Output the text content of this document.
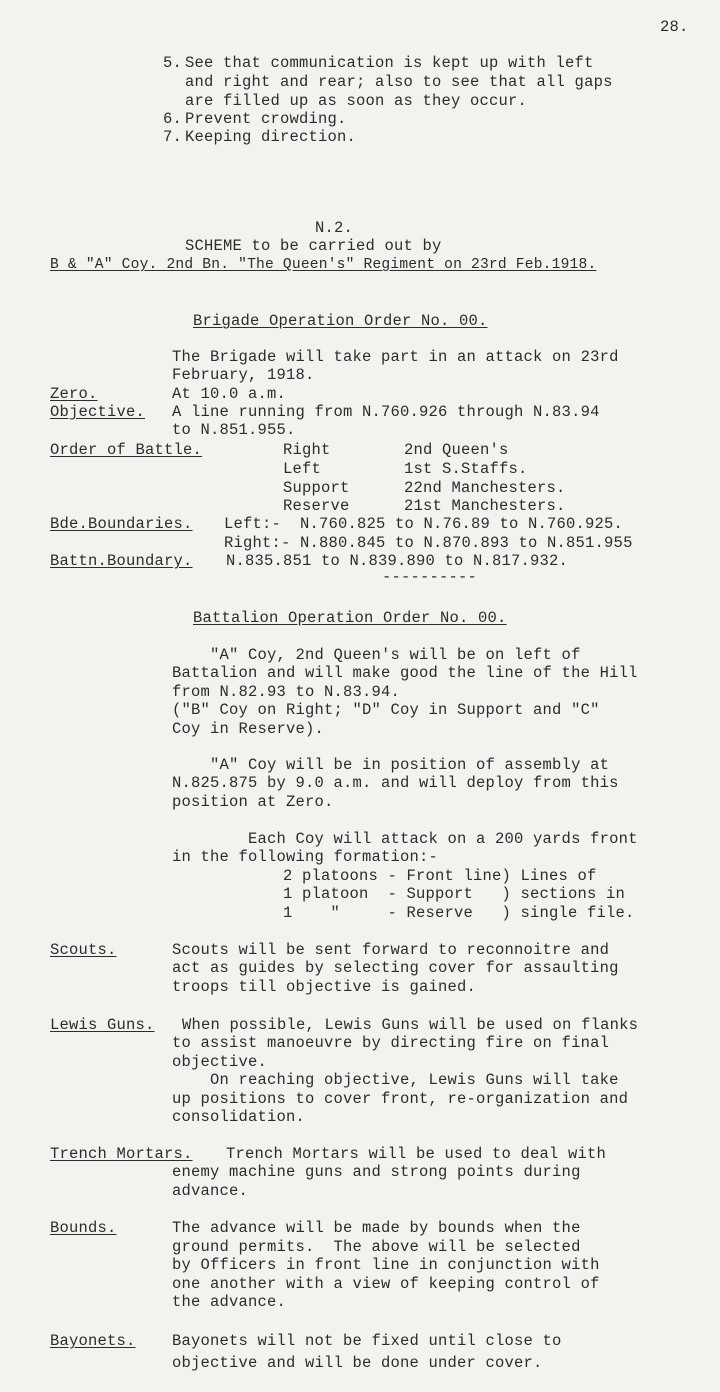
28.
5. See that communication is kept up with left
and right and rear; also to see that all gaps
are filled up as soon as they occur.
6. Prevent crowding.
7. Keeping direction.
N.2.
SCHEME to be carried out by
B & "A" Coy. 2nd Bn. "The Queen's" Regiment on 23rd Feb.1918.
Brigade Operation Order No. 00.
The Brigade will take part in an attack on 23rd
February, 1918.
Zero.	At 10.0 a.m.
Objective. A line running from N.760.926 through N.83.94
to N.851.955.
Order of Battle.	Right	2nd Queen's
Left	1st S.Staffs.
Support	22nd Manchesters.
Reserve	21st Manchesters.
Bde.Boundaries. Left:-  N.760.825 to N.76.89 to N.760.925.
Right:- N.880.845 to N.870.893 to N.851.955
Battn.Boundary. N.835.851 to N.839.890 to N.817.932.
----------
Battalion Operation Order No. 00.
"A" Coy, 2nd Queen's will be on left of
Battalion and will make good the line of the Hill
from N.82.93 to N.83.94.
("B" Coy on Right; "D" Coy in Support and "C"
Coy in Reserve).
"A" Coy will be in position of assembly at
N.825.875 by 9.0 a.m. and will deploy from this
position at Zero.
Each Coy will attack on a 200 yards front
in the following formation:-
2 platoons - Front line) Lines of
1 platoon  - Support   ) sections in
1    "     - Reserve   ) single file.
Scouts.	Scouts will be sent forward to reconnoitre and
act as guides by selecting cover for assaulting
troops till objective is gained.
Lewis Guns. When possible, Lewis Guns will be used on flanks
to assist manoeuvre by directing fire on final
objective.
On reaching objective, Lewis Guns will take
up positions to cover front, re-organization and
consolidation.
Trench Mortars. Trench Mortars will be used to deal with
enemy machine guns and strong points during
advance.
Bounds.	The advance will be made by bounds when the
ground permits.  The above will be selected
by Officers in front line in conjunction with
one another with a view of keeping control of
the advance.
Bayonets. Bayonets will not be fixed until close to
objective and will be done under cover.
